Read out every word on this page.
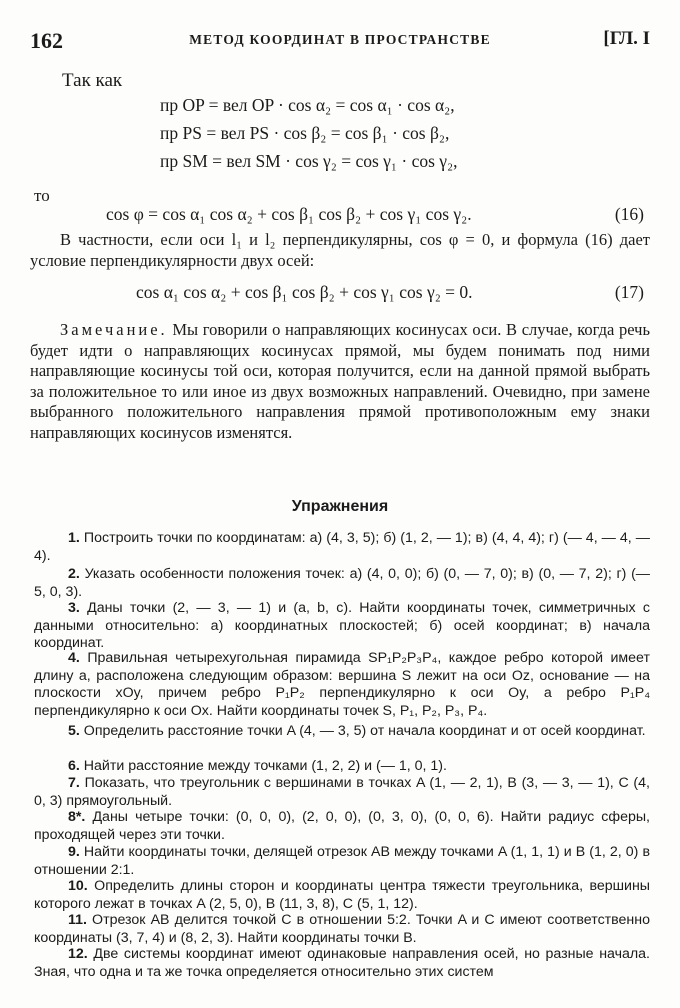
162	МЕТОД КООРДИНАТ В ПРОСТРАНСТВЕ	[ГЛ. I
Так как
пр OP = вел OP · cos α₂ = cos α₁ · cos α₂,
пр PS = вел PS · cos β₂ = cos β₁ · cos β₂,
пр SM = вел SM · cos γ₂ = cos γ₁ · cos γ₂,
то
cos φ = cos α₁ cos α₂ + cos β₁ cos β₂ + cos γ₁ cos γ₂.	(16)
В частности, если оси l₁ и l₂ перпендикулярны, cos φ = 0, и формула (16) дает условие перпендикулярности двух осей:
cos α₁ cos α₂ + cos β₁ cos β₂ + cos γ₁ cos γ₂ = 0.	(17)
Замечание. Мы говорили о направляющих косинусах оси. В случае, когда речь будет идти о направляющих косинусах прямой, мы будем понимать под ними направляющие косинусы той оси, которая получится, если на данной прямой выбрать за положительное то или иное из двух возможных направлений. Очевидно, при замене выбранного положительного направления прямой противоположным ему знаки направляющих косинусов изменятся.
Упражнения
1. Построить точки по координатам: а) (4, 3, 5); б) (1, 2, — 1); в) (4, 4, 4); г) (— 4, — 4, — 4).
2. Указать особенности положения точек: а) (4, 0, 0); б) (0, — 7, 0); в) (0, — 7, 2); г) (— 5, 0, 3).
3. Даны точки (2, — 3, — 1) и (a, b, c). Найти координаты точек, симметричных с данными относительно: а) координатных плоскостей; б) осей координат; в) начала координат.
4. Правильная четырехугольная пирамида SP₁P₂P₃P₄, каждое ребро которой имеет длину a, расположена следующим образом: вершина S лежит на оси Oz, основание — на плоскости xOy, причем ребро P₁P₂ перпендикулярно к оси Oy, а ребро P₁P₄ перпендикулярно к оси Ox. Найти координаты точек S, P₁, P₂, P₃, P₄.
5. Определить расстояние точки A (4, — 3, 5) от начала координат и от осей координат.
6. Найти расстояние между точками (1, 2, 2) и (— 1, 0, 1).
7. Показать, что треугольник с вершинами в точках A (1, — 2, 1), B (3, — 3, — 1), C (4, 0, 3) прямоугольный.
8*. Даны четыре точки: (0, 0, 0), (2, 0, 0), (0, 3, 0), (0, 0, 6). Найти радиус сферы, проходящей через эти точки.
9. Найти координаты точки, делящей отрезок AB между точками A (1, 1, 1) и B (1, 2, 0) в отношении 2:1.
10. Определить длины сторон и координаты центра тяжести треугольника, вершины которого лежат в точках A (2, 5, 0), B (11, 3, 8), C (5, 1, 12).
11. Отрезок AB делится точкой C в отношении 5:2. Точки A и C имеют соответственно координаты (3, 7, 4) и (8, 2, 3). Найти координаты точки B.
12. Две системы координат имеют одинаковые направления осей, но разные начала. Зная, что одна и та же точка определяется относительно этих систем
